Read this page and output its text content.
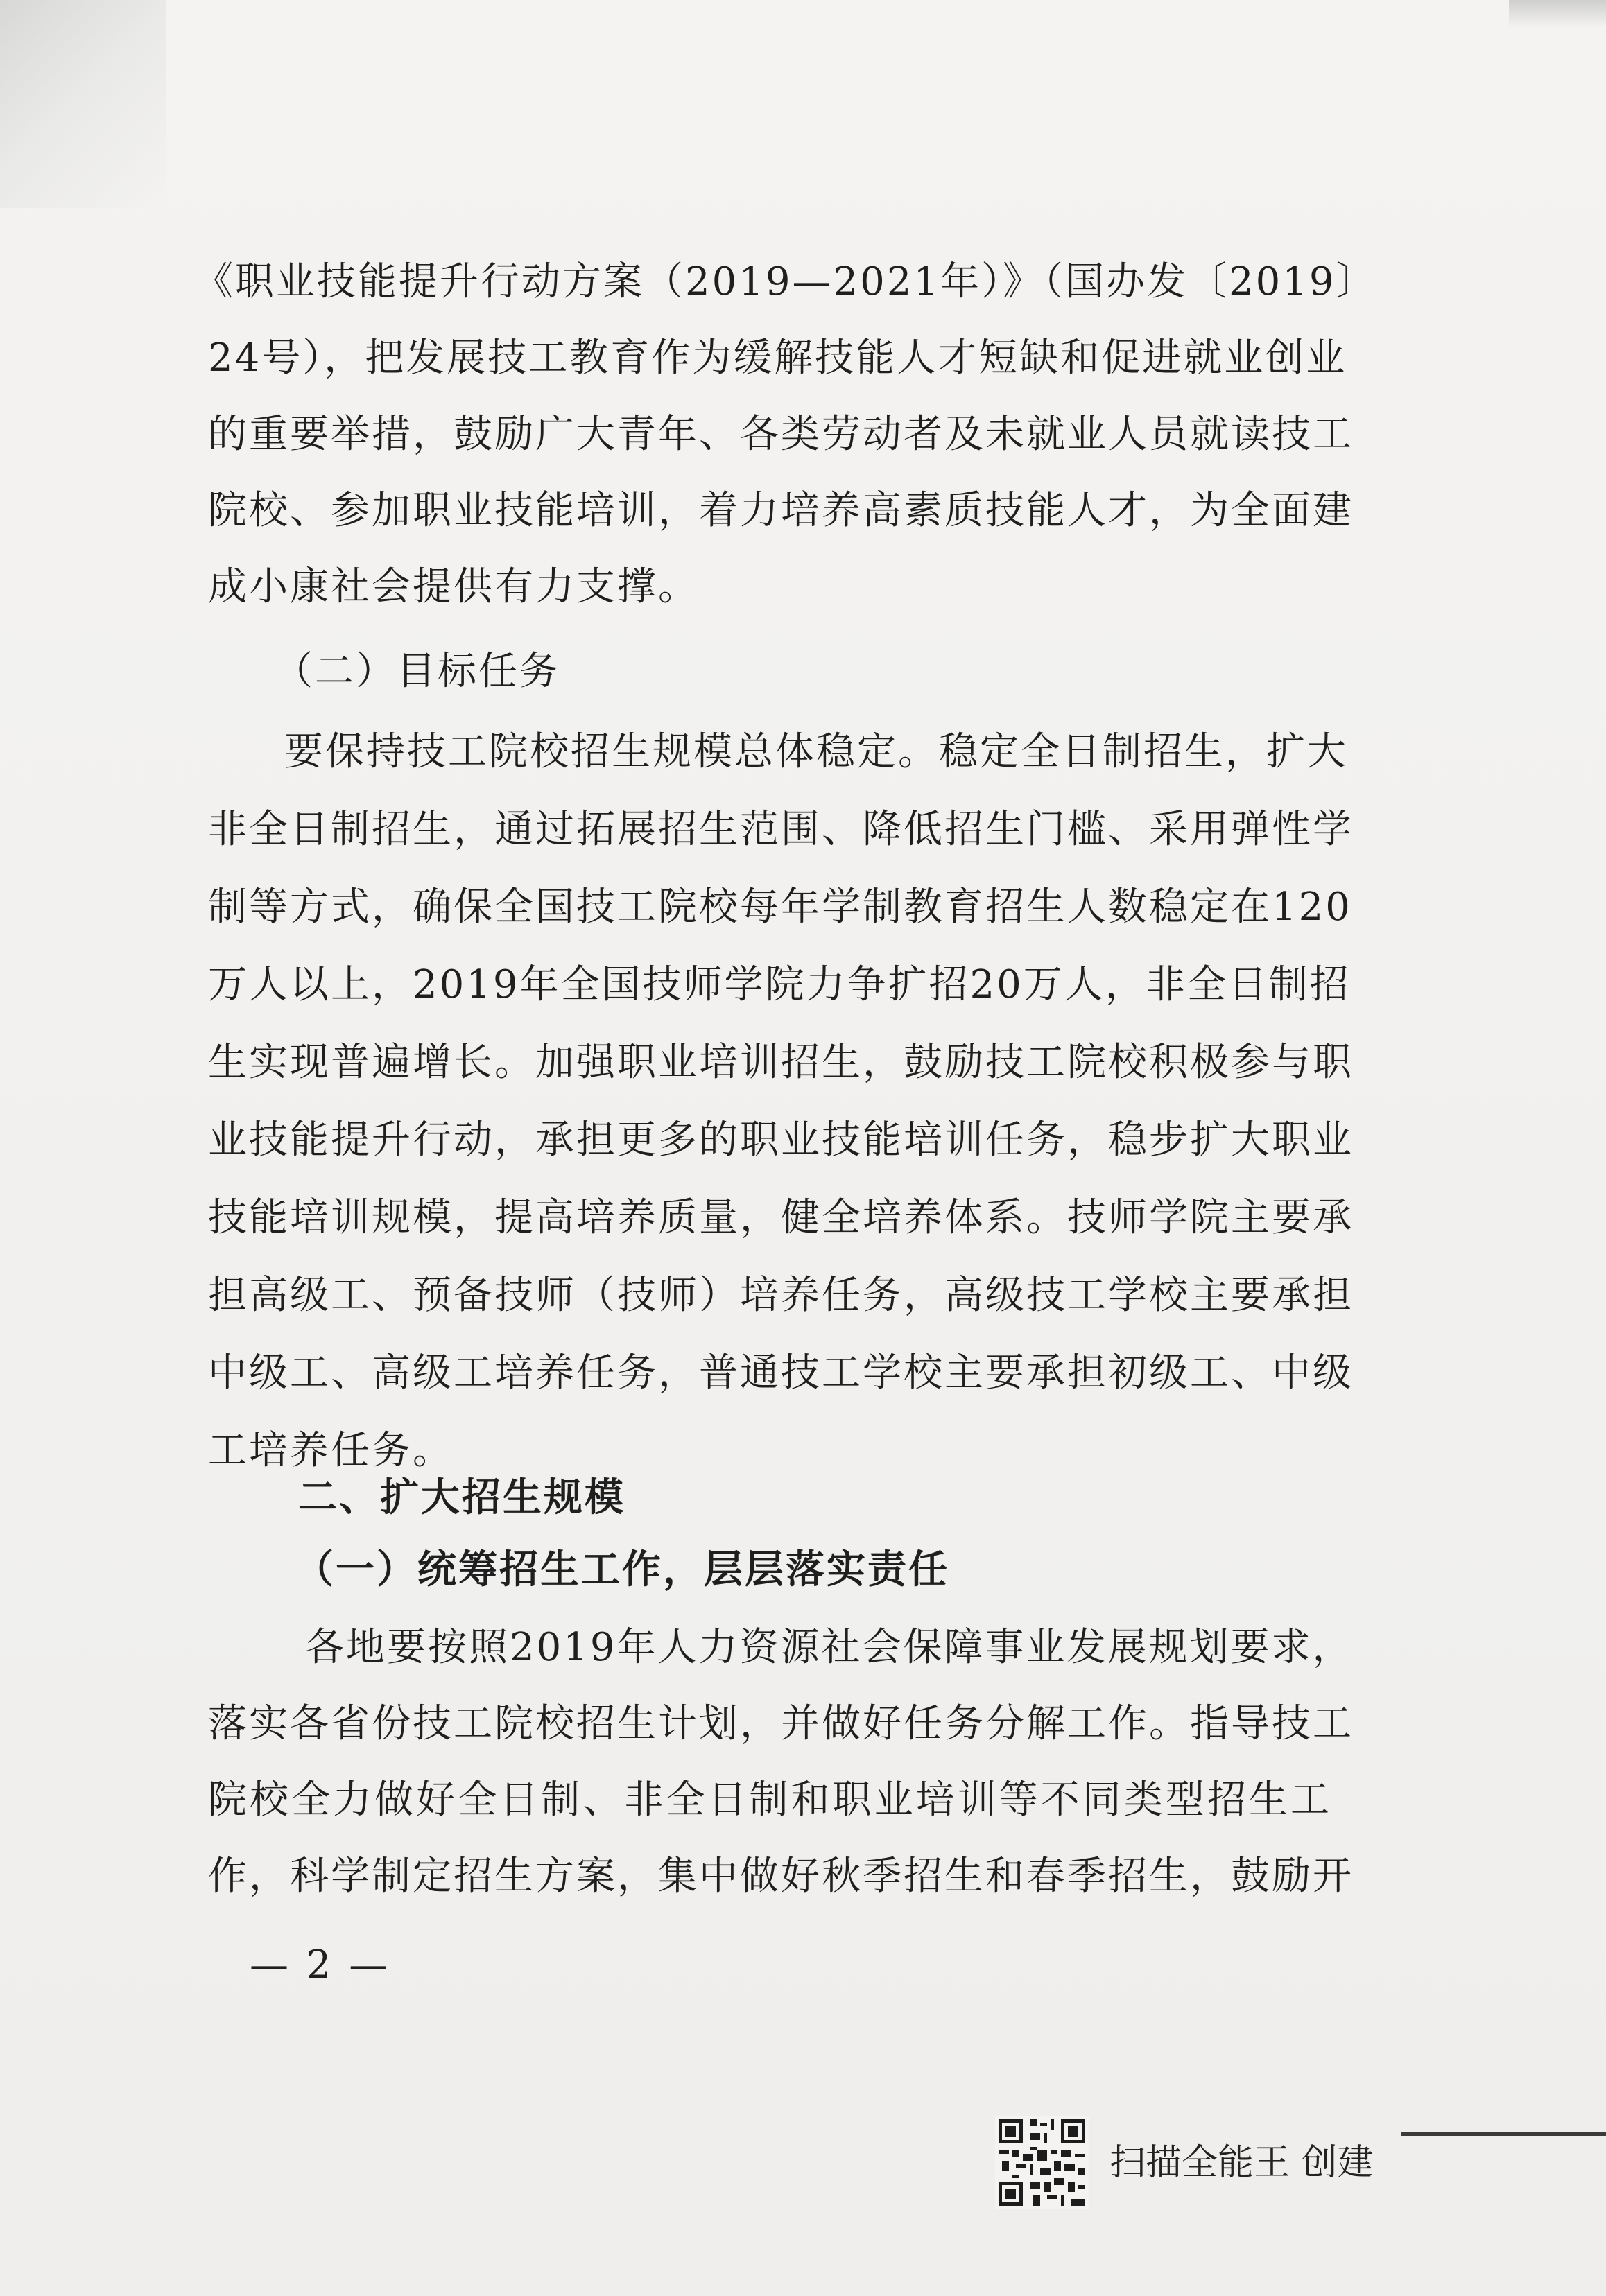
《职业技能提升行动方案（2019—2021年）》（国办发〔2019〕
24号），把发展技工教育作为缓解技能人才短缺和促进就业创业
的重要举措，鼓励广大青年、各类劳动者及未就业人员就读技工
院校、参加职业技能培训，着力培养高素质技能人才，为全面建
成小康社会提供有力支撑。
（二）目标任务
要保持技工院校招生规模总体稳定。稳定全日制招生，扩大
非全日制招生，通过拓展招生范围、降低招生门槛、采用弹性学
制等方式，确保全国技工院校每年学制教育招生人数稳定在120
万人以上，2019年全国技师学院力争扩招20万人，非全日制招
生实现普遍增长。加强职业培训招生，鼓励技工院校积极参与职
业技能提升行动，承担更多的职业技能培训任务，稳步扩大职业
技能培训规模，提高培养质量，健全培养体系。技师学院主要承
担高级工、预备技师（技师）培养任务，高级技工学校主要承担
中级工、高级工培养任务，普通技工学校主要承担初级工、中级
工培养任务。
二、扩大招生规模
（一）统筹招生工作，层层落实责任
各地要按照2019年人力资源社会保障事业发展规划要求，
落实各省份技工院校招生计划，并做好任务分解工作。指导技工
院校全力做好全日制、非全日制和职业培训等不同类型招生工
作，科学制定招生方案，集中做好秋季招生和春季招生，鼓励开
— 2 —
扫描全能王 创建
